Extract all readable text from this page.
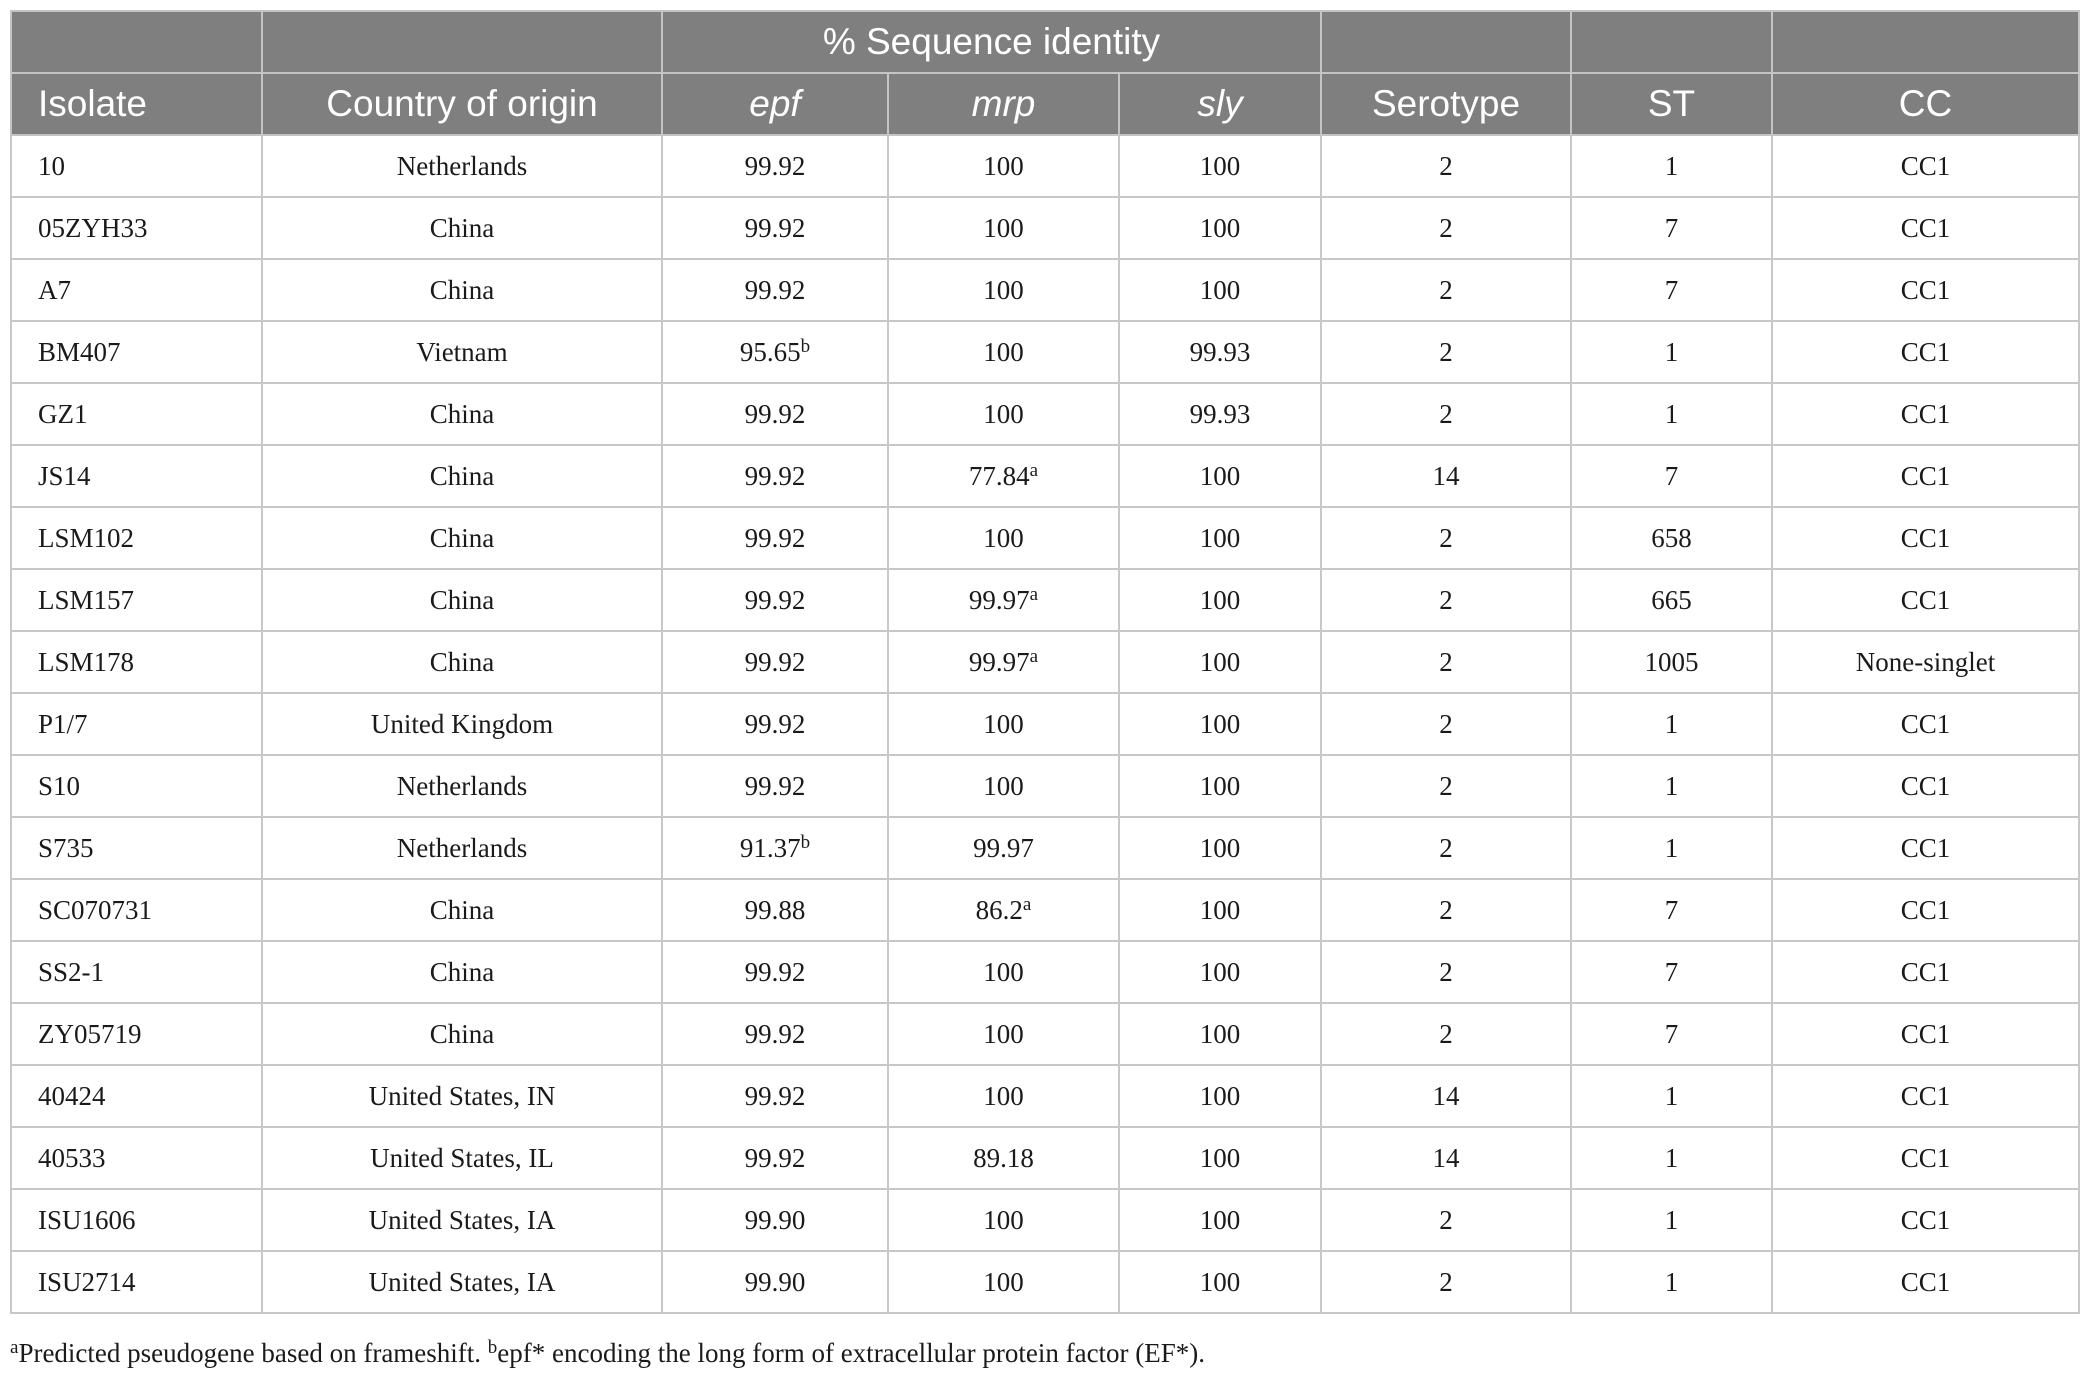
		% Sequence identity					
Isolate	Country of origin	epf	mrp	sly	Serotype	ST	CC
10	Netherlands	99.92	100	100	2	1	CC1
05ZYH33	China	99.92	100	100	2	7	CC1
A7	China	99.92	100	100	2	7	CC1
BM407	Vietnam	95.65$^b$	100	99.93	2	1	CC1
GZ1	China	99.92	100	99.93	2	1	CC1
JS14	China	99.92	77.84$^a$	100	14	7	CC1
LSM102	China	99.92	100	100	2	658	CC1
LSM157	China	99.92	99.97$^a$	100	2	665	CC1
LSM178	China	99.92	99.97$^a$	100	2	1005	None-singlet
P1/7	United Kingdom	99.92	100	100	2	1	CC1
S10	Netherlands	99.92	100	100	2	1	CC1
S735	Netherlands	91.37$^b$	99.97	100	2	1	CC1
SC070731	China	99.88	86.2$^a$	100	2	7	CC1
SS2-1	China	99.92	100	100	2	7	CC1
ZY05719	China	99.92	100	100	2	7	CC1
40424	United States, IN	99.92	100	100	14	1	CC1
40533	United States, IL	99.92	89.18	100	14	1	CC1
ISU1606	United States, IA	99.90	100	100	2	1	CC1
ISU2714	United States, IA	99.90	100	100	2	1	CC1
$^a$Predicted pseudogene based on frameshift. $^b$epf* encoding the long form of extracellular protein factor (EF*).
